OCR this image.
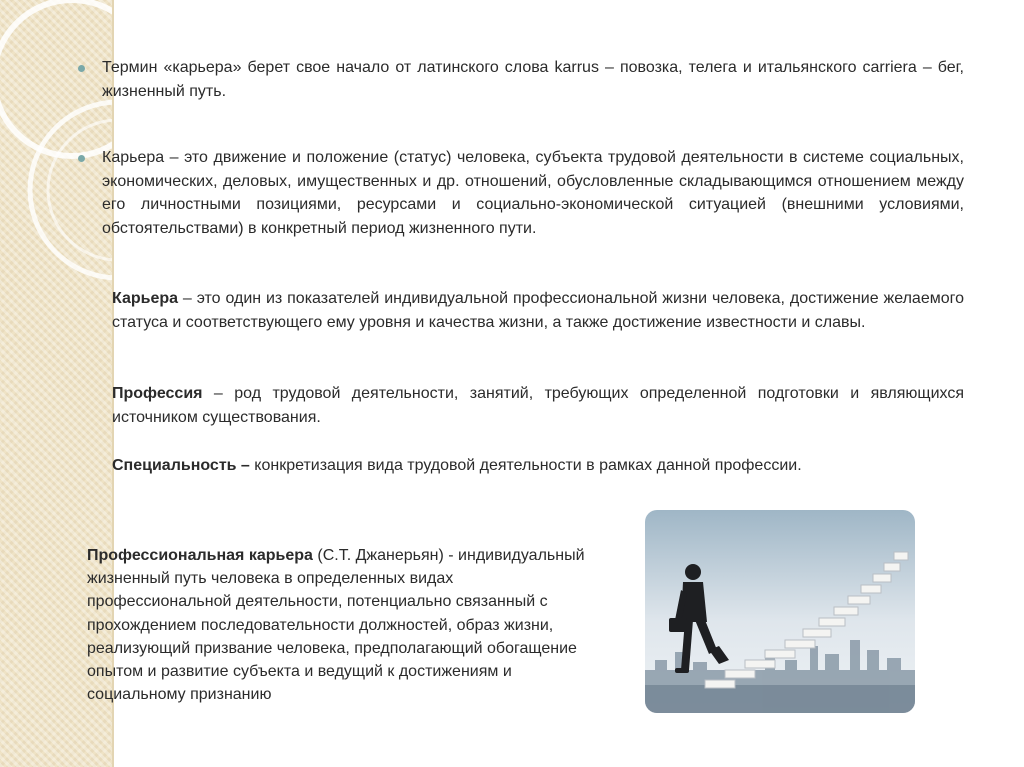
Термин «карьера» берет свое начало от латинского слова karrus – повозка, телега и итальянского carriera – бег, жизненный путь.
Карьера – это движение и положение (статус) человека, субъекта трудовой деятельности в системе социальных, экономических, деловых, имущественных и др. отношений, обусловленные складывающимся отношением между его личностными позициями, ресурсами и социально-экономической ситуацией (внешними условиями, обстоятельствами) в конкретный период жизненного пути.
Карьера – это один из показателей индивидуальной профессиональной жизни человека, достижение желаемого статуса и соответствующего ему уровня и качества жизни, а также достижение известности и славы.
Профессия – род трудовой деятельности, занятий, требующих определенной подготовки и являющихся источником существования.
Специальность – конкретизация вида трудовой деятельности в рамках данной профессии.
Профессиональная карьера (С.Т. Джанерьян) - индивидуальный жизненный путь человека в определенных видах профессиональной деятельности, потенциально связанный с прохождением последовательности должностей, образ жизни, реализующий призвание человека, предполагающий обогащение опытом и развитие субъекта и ведущий к достижениям и социальному признанию
